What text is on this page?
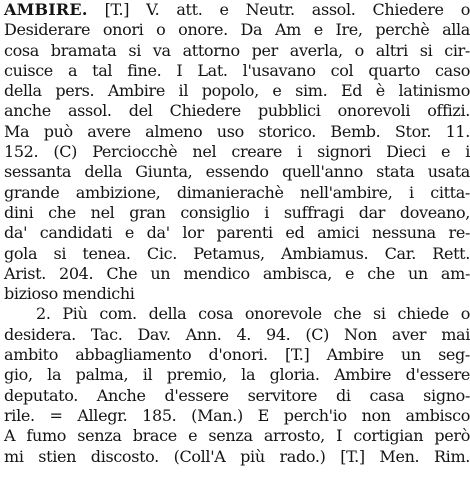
AMBIRE. [T.] V. att. e Neutr. assol. Chiedere o
Desiderare onori o onore. Da Am e Ire, perchè alla
cosa bramata si va attorno per averla, o altri si cir-
cuisce a tal fine. I Lat. l'usavano col quarto caso
della pers. Ambire il popolo, e sim. Ed è latinismo
anche assol. del Chiedere pubblici onorevoli offizi.
Ma può avere almeno uso storico. Bemb. Stor. 11.
152. (C) Perciocchè nel creare i signori Dieci e i
sessanta della Giunta, essendo quell'anno stata usata
grande ambizione, dimanierachè nell'ambire, i citta-
dini che nel gran consiglio i suffragi dar doveano,
da' candidati e da' lor parenti ed amici nessuna re-
gola si tenea. Cic. Petamus, Ambiamus. Car. Rett.
Arist. 204. Che un mendico ambisca, e che un am-
bizioso mendichi
2. Più com. della cosa onorevole che si chiede o
desidera. Tac. Dav. Ann. 4. 94. (C) Non aver mai
ambito abbagliamento d'onori. [T.] Ambire un seg-
gio, la palma, il premio, la gloria. Ambire d'essere
deputato. Anche d'essere servitore di casa signo-
rile. = Allegr. 185. (Man.) E perch'io non ambisco
A fumo senza brace e senza arrosto, I cortigian però
mi stien discosto. (Coll'A più rado.) [T.] Men. Rim.
